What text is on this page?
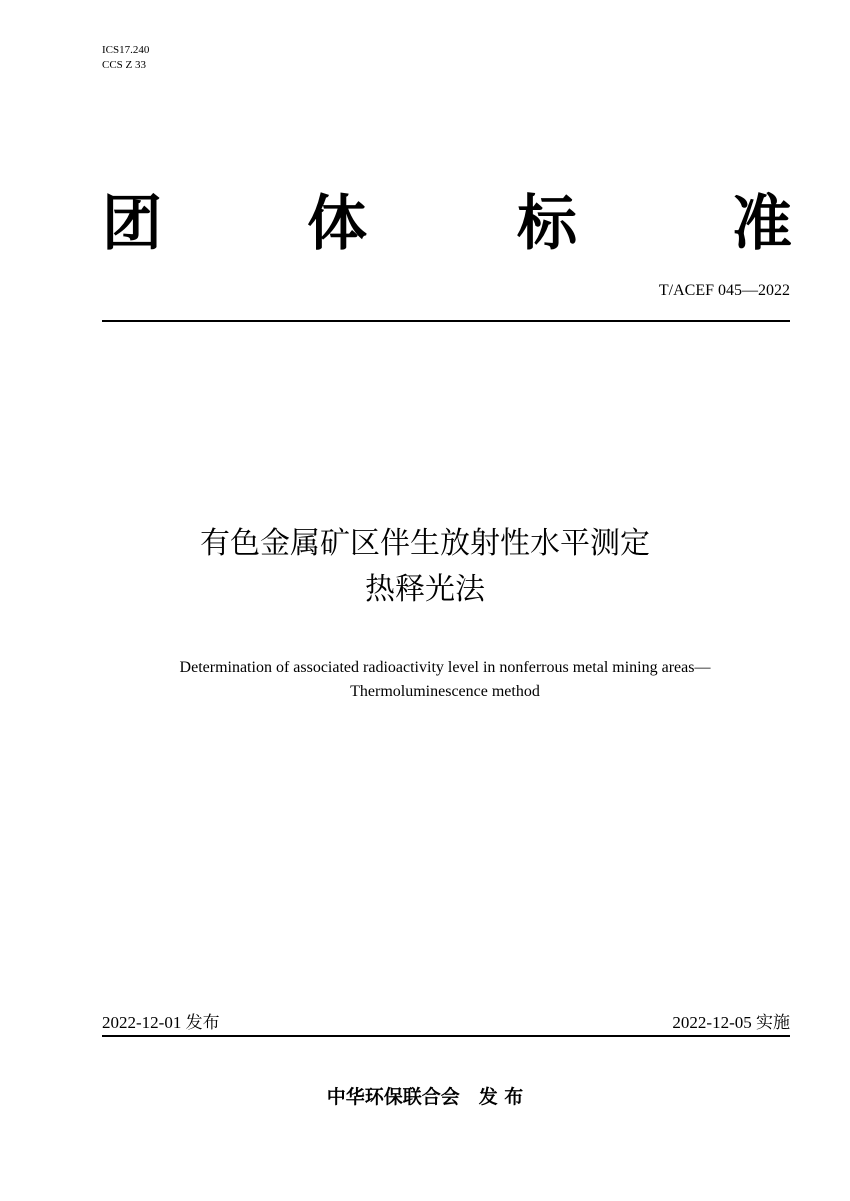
ICS17.240
CCS Z 33
团 体	标	准
T/ACEF 045—2022
有色金属矿区伴生放射性水平测定
热释光法
Determination of associated radioactivity level in nonferrous metal mining areas—
Thermoluminescence method
2022-12-01 发布	2022-12-05 实施
中华环保联合会　发 布
